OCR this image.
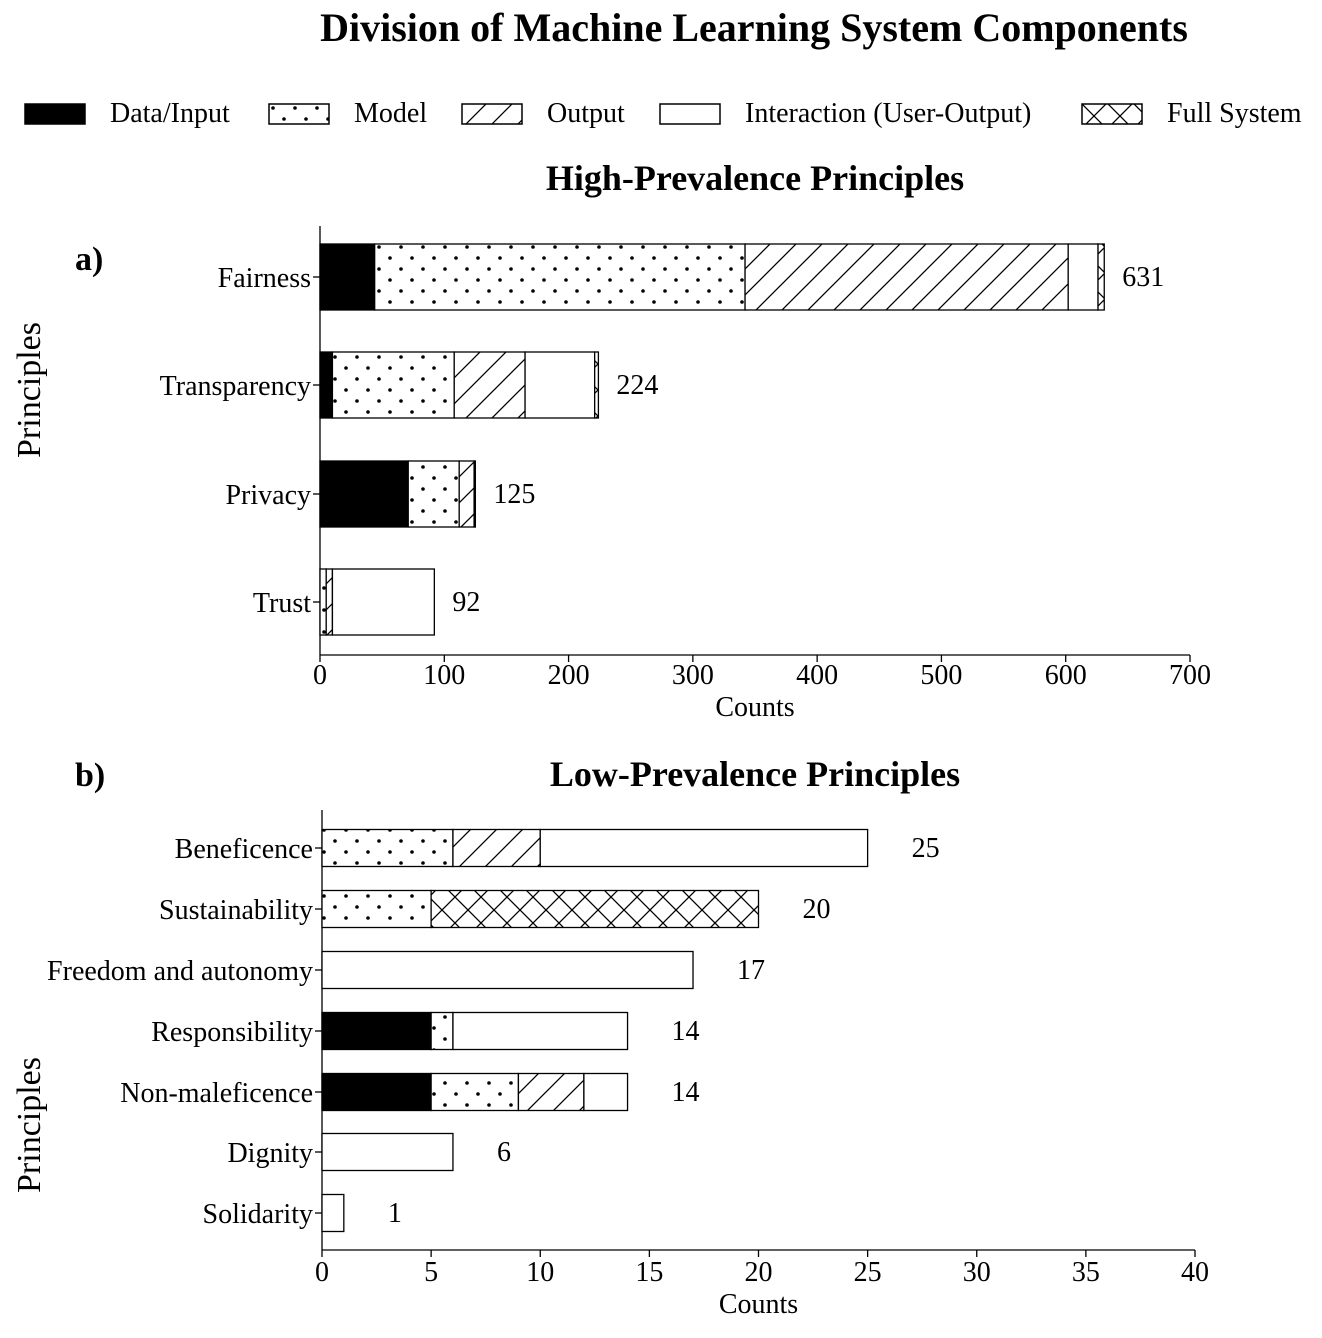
High-Prevalence Principles
a)
0	100	200	300	400	500	600	700
Counts
Principles
Fairness	631
Transparency	224
Privacy	125
Trust	92
Low-Prevalence Principles
b)
0	5	10	15	20	25	30	35	40
Counts
Principles
Beneficence	25
Sustainability	20
Freedom and autonomy	17
Responsibility	14
Non-maleficence	14
Dignity	6
Solidarity	1
Division of Machine Learning System Components
Data/Input	Model	Output	Interaction (User-Output)	Full System
